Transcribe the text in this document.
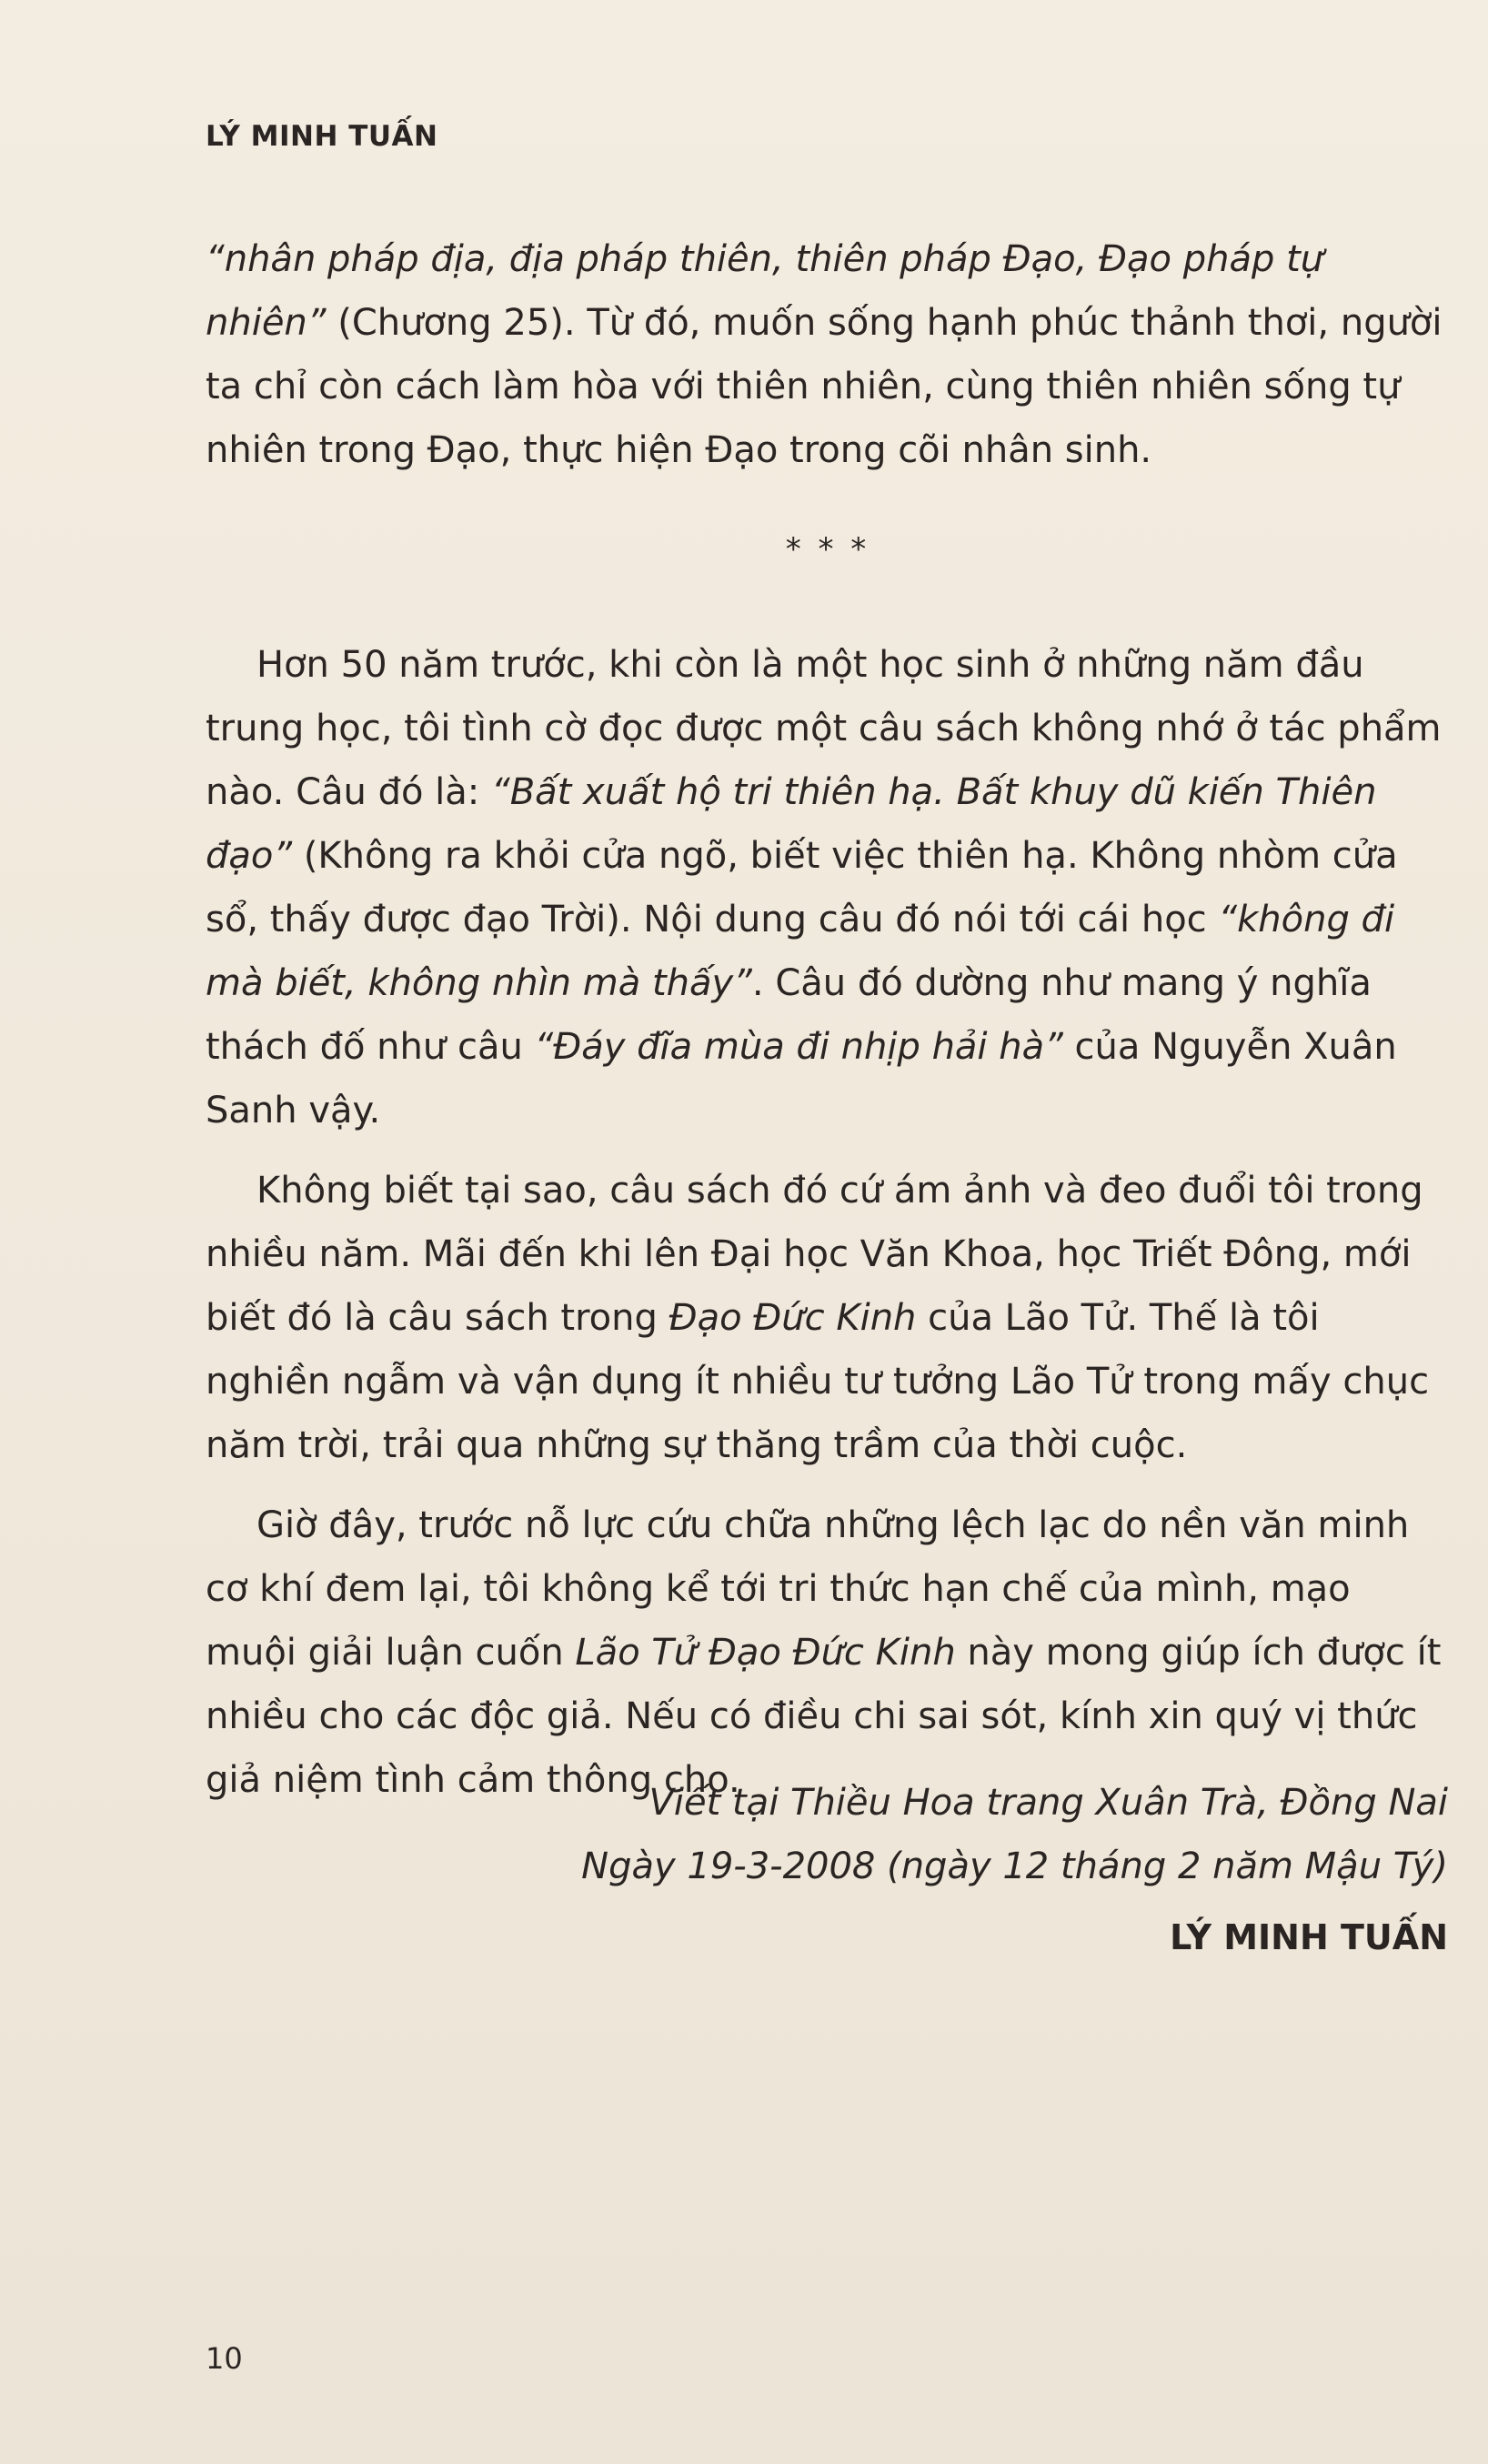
LÝ MINH TUẤN

“nhân pháp địa, địa pháp thiên, thiên pháp Đạo, Đạo pháp tự nhiên” (Chương 25). Từ đó, muốn sống hạnh phúc thảnh thơi, người ta chỉ còn cách làm hòa với thiên nhiên, cùng thiên nhiên sống tự nhiên trong Đạo, thực hiện Đạo trong cõi nhân sinh.

* * *

Hơn 50 năm trước, khi còn là một học sinh ở những năm đầu trung học, tôi tình cờ đọc được một câu sách không nhớ ở tác phẩm nào. Câu đó là: “Bất xuất hộ tri thiên hạ. Bất khuy dũ kiến Thiên đạo” (Không ra khỏi cửa ngõ, biết việc thiên hạ. Không nhòm cửa sổ, thấy được đạo Trời). Nội dung câu đó nói tới cái học “không đi mà biết, không nhìn mà thấy”. Câu đó dường như mang ý nghĩa thách đố như câu “Đáy đĩa mùa đi nhịp hải hà” của Nguyễn Xuân Sanh vậy.

Không biết tại sao, câu sách đó cứ ám ảnh và đeo đuổi tôi trong nhiều năm. Mãi đến khi lên Đại học Văn Khoa, học Triết Đông, mới biết đó là câu sách trong Đạo Đức Kinh của Lão Tử. Thế là tôi nghiền ngẫm và vận dụng ít nhiều tư tưởng Lão Tử trong mấy chục năm trời, trải qua những sự thăng trầm của thời cuộc.

Giờ đây, trước nỗ lực cứu chữa những lệch lạc do nền văn minh cơ khí đem lại, tôi không kể tới tri thức hạn chế của mình, mạo muội giải luận cuốn Lão Tử Đạo Đức Kinh này mong giúp ích được ít nhiều cho các độc giả. Nếu có điều chi sai sót, kính xin quý vị thức giả niệm tình cảm thông cho.

Viết tại Thiều Hoa trang Xuân Trà, Đồng Nai
Ngày 19-3-2008 (ngày 12 tháng 2 năm Mậu Tý)
LÝ MINH TUẤN
10
